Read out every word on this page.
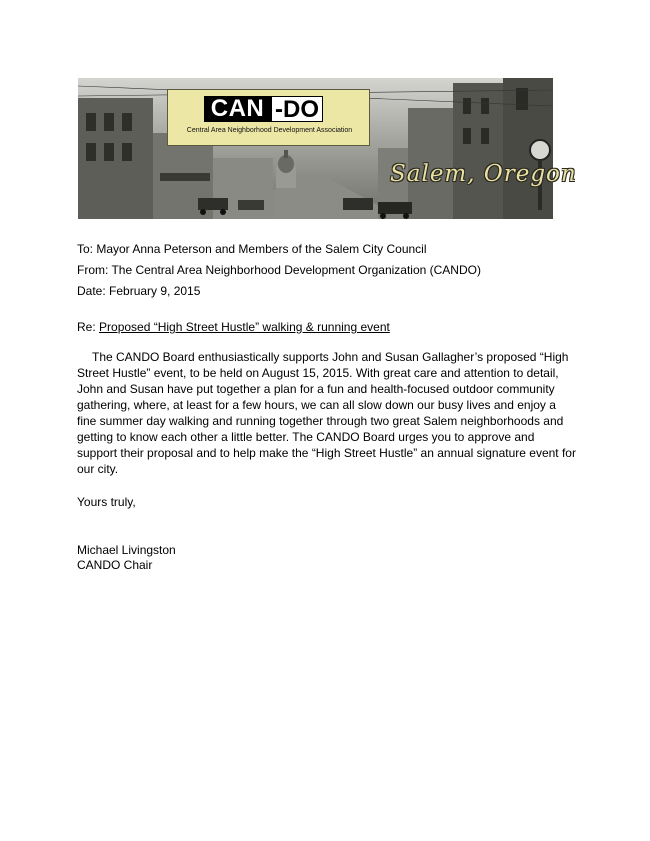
CAN -DO
Central Area Neighborhood Development Association
Salem, Oregon
To: Mayor Anna Peterson and Members of the Salem City Council
From: The Central Area Neighborhood Development Organization (CANDO)
Date: February 9, 2015
Re: Proposed “High Street Hustle” walking & running event
The CANDO Board enthusiastically supports John and Susan Gallagher’s proposed “High Street Hustle” event, to be held on August 15, 2015. With great care and attention to detail, John and Susan have put together a plan for a fun and health-focused outdoor community gathering, where, at least for a few hours, we can all slow down our busy lives and enjoy a fine summer day walking and running together through two great Salem neighborhoods and getting to know each other a little better. The CANDO Board urges you to approve and support their proposal and to help make the “High Street Hustle” an annual signature event for our city.
Yours truly,
Michael Livingston
CANDO Chair
